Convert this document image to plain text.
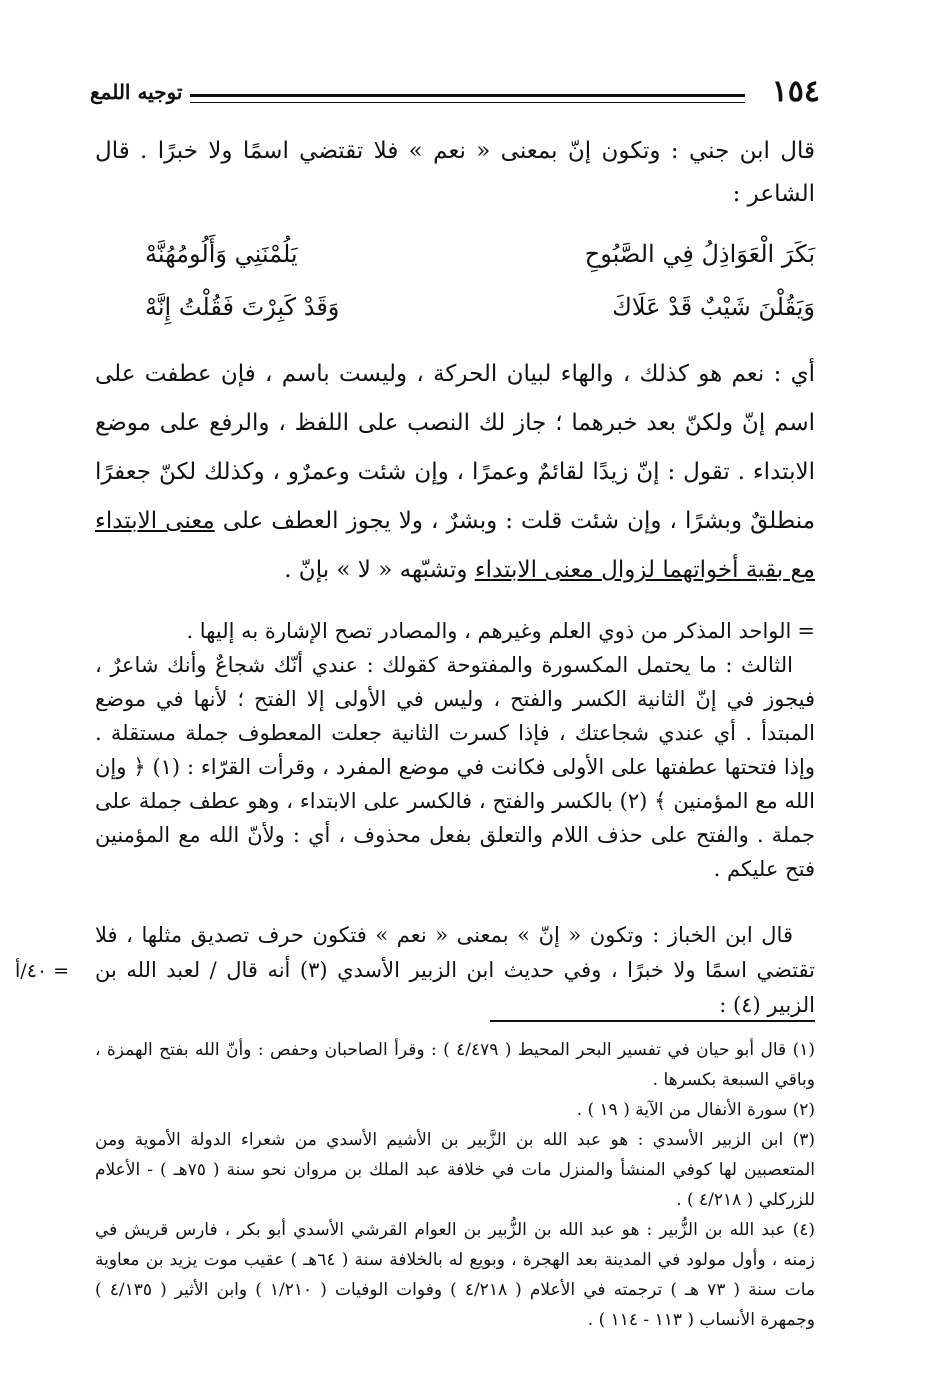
١٥٤
توجيه اللمع
قال ابن جني : وتكون إنّ بمعنى « نعم » فلا تقتضي اسمًا ولا خبرًا . قال الشاعر :
بَكَرَ الْعَوَاذِلُ فِي الصَّبُوحِ
يَلُمْنَنِي وَأَلُومُهُنَّهْ
وَيَقُلْنَ شَيْبٌ قَدْ عَلَاكَ
وَقَدْ كَبِرْتَ فَقُلْتُ إِنَّهْ
أي : نعم هو كذلك ، والهاء لبيان الحركة ، وليست باسم ، فإن عطفت على اسم إنّ ولكنّ بعد خبرهما ؛ جاز لك النصب على اللفظ ، والرفع على موضع الابتداء . تقول : إنّ زيدًا لقائمٌ وعمرًا ، وإن شئت وعمرٌو ، وكذلك لكنّ جعفرًا منطلقٌ وبشرًا ، وإن شئت قلت : وبشرٌ ، ولا يجوز العطف على معنى الابتداء مع بقية أخواتهما لزوال معنى الابتداء وتشبّهه « لا » بإنّ .

=الواحد المذكر من ذوي العلم وغيرهم ، والمصادر تصح الإشارة به إليها .

الثالث : ما يحتمل المكسورة والمفتوحة كقولك : عندي أنّك شجاعٌ وأنك شاعرٌ ، فيجوز في إنّ الثانية الكسر والفتح ، وليس في الأولى إلا الفتح ؛ لأنها في موضع المبتدأ . أي عندي شجاعتك ، فإذا كسرت الثانية جعلت المعطوف جملة مستقلة . وإذا فتحتها عطفتها على الأولى فكانت في موضع المفرد ، وقرأت القرّاء : (١) ﴿ وإن الله مع المؤمنين ﴾ (٢) بالكسر والفتح ، فالكسر على الابتداء ، وهو عطف جملة على جملة . والفتح على حذف اللام والتعلق بفعل محذوف ، أي : ولأنّ الله مع المؤمنين فتح عليكم .

قال ابن الخباز : وتكون « إنّ » بمعنى « نعم » فتكون حرف تصديق مثلها ، فلا تقتضي اسمًا ولا خبرًا ، وفي حديث ابن الزبير الأسدي (٣) أنه قال / لعبد الله بن الزبير (٤) :

٤٠/أ =

(١) قال أبو حيان في تفسير البحر المحيط ( ٤/٤٧٩ ) : وقرأ الصاحبان وحفص : وأنّ الله بفتح الهمزة ، وباقي السبعة بكسرها .

(٢) سورة الأنفال من الآية ( ١٩ ) .

(٣) ابن الزبير الأسدي : هو عبد الله بن الزَّبير بن الأشيم الأسدي من شعراء الدولة الأموية ومن المتعصبين لها كوفي المنشأ والمنزل مات في خلافة عبد الملك بن مروان نحو سنة ( ٧٥هـ ) - الأعلام للزركلي ( ٤/٢١٨ ) .

(٤) عبد الله بن الزُّبير : هو عبد الله بن الزُّبير بن العوام القرشي الأسدي أبو بكر ، فارس قريش في زمنه ، وأول مولود في المدينة بعد الهجرة ، وبويع له بالخلافة سنة ( ٦٤هـ ) عقيب موت يزيد بن معاوية مات سنة ( ٧٣ هـ ) ترجمته في الأعلام ( ٤/٢١٨ ) وفوات الوفيات ( ١/٢١٠ ) وابن الأثير ( ٤/١٣٥ ) وجمهرة الأنساب ( ١١٣ - ١١٤ ) .
